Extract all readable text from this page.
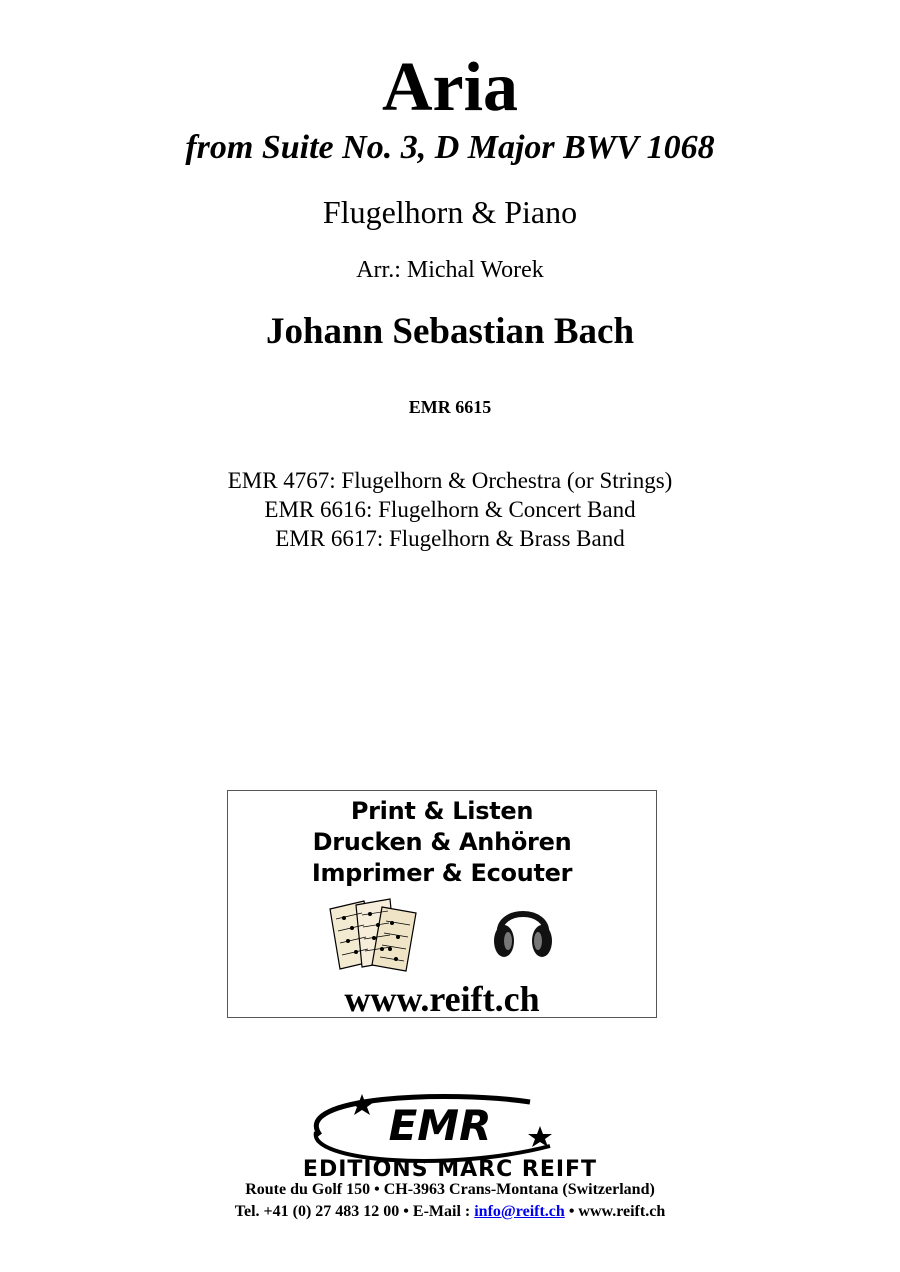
Aria
from Suite No. 3, D Major BWV 1068
Flugelhorn & Piano
Arr.: Michal Worek
Johann Sebastian Bach
EMR 6615
EMR 4767: Flugelhorn & Orchestra (or Strings)
EMR 6616: Flugelhorn & Concert Band
EMR 6617: Flugelhorn & Brass Band
Print & Listen
Drucken & Anhören
Imprimer & Ecouter
www.reift.ch
EMR
EDITIONS MARC REIFT
Route du Golf 150 • CH-3963 Crans-Montana (Switzerland)
Tel. +41 (0) 27 483 12 00 • E-Mail : info@reift.ch • www.reift.ch
